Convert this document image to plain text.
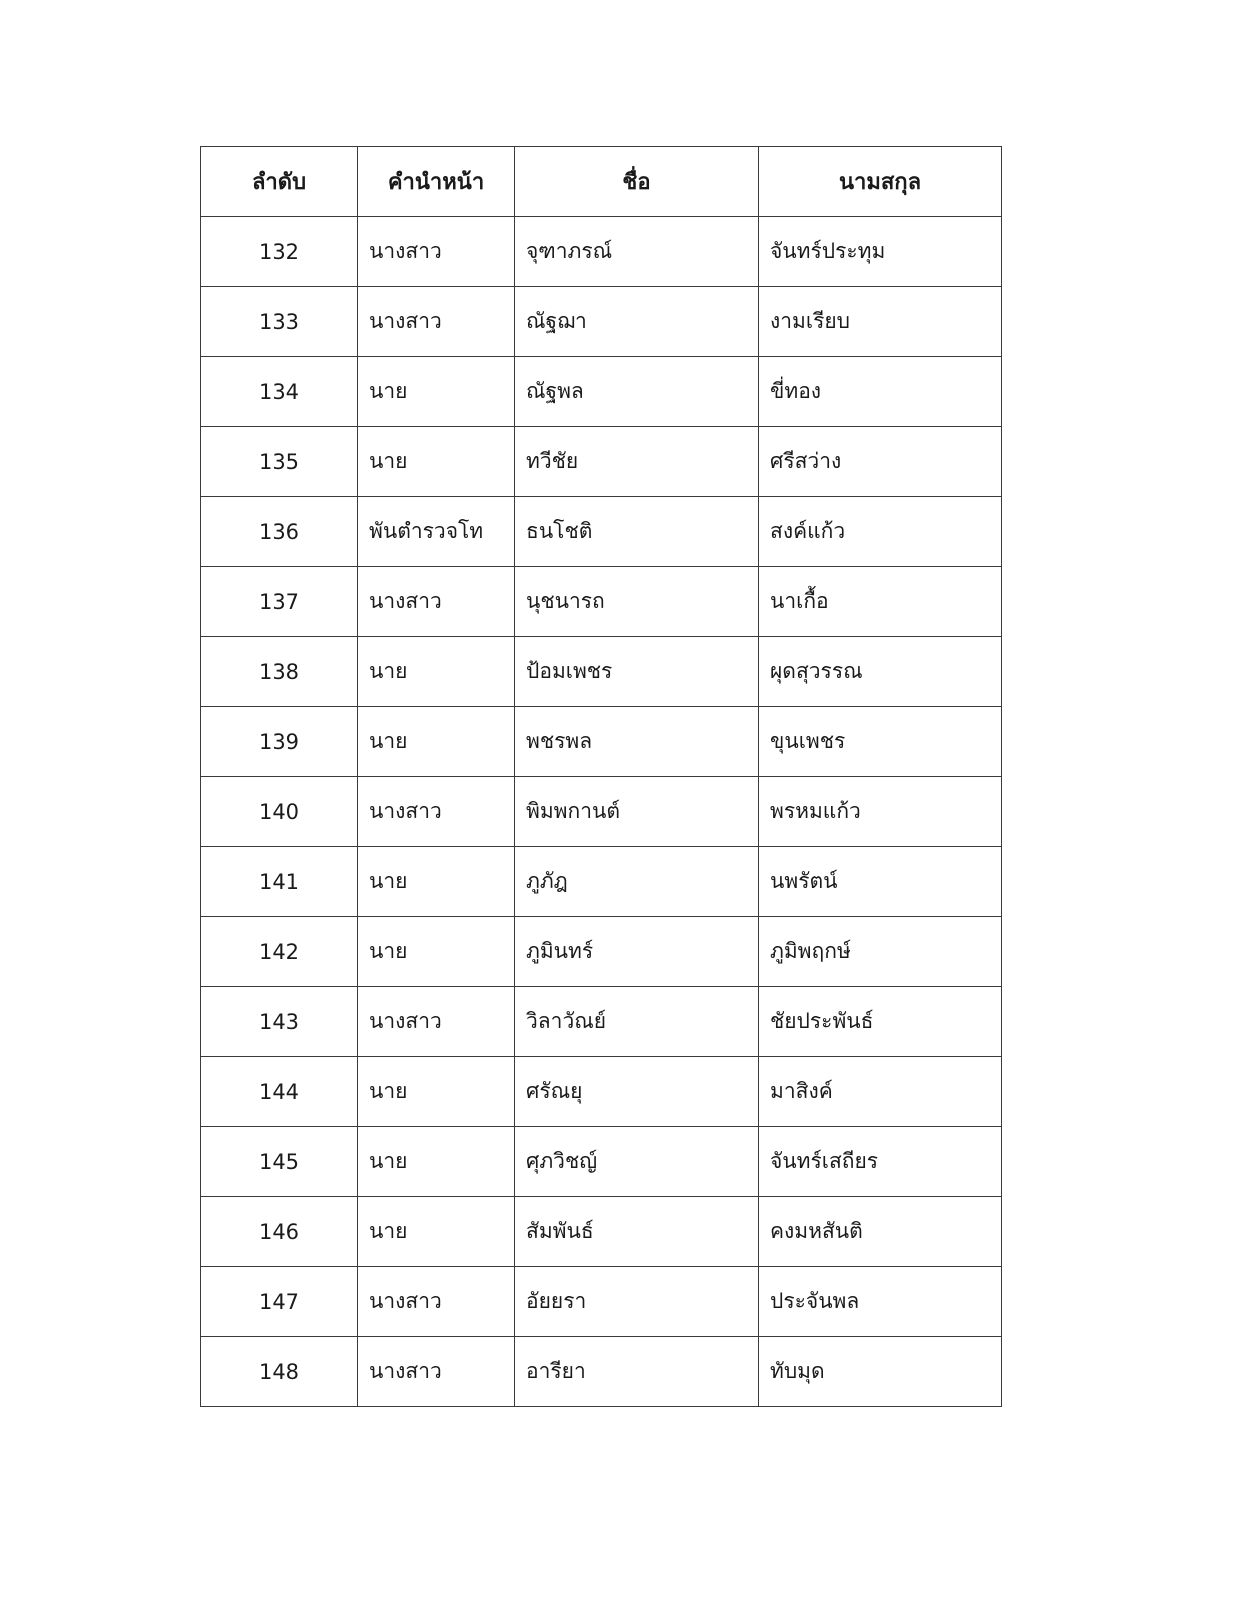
ลำดับ	คำนำหน้า	ชื่อ	นามสกุล
132	นางสาว	จุฑาภรณ์	จันทร์ประทุม
133	นางสาว	ณัฐฌา	งามเรียบ
134	นาย	ณัฐพล	ขี่ทอง
135	นาย	ทวีชัย	ศรีสว่าง
136	พันตำรวจโท	ธนโชติ	สงค์แก้ว
137	นางสาว	นุชนารถ	นาเกื้อ
138	นาย	ป้อมเพชร	ผุดสุวรรณ
139	นาย	พชรพล	ขุนเพชร
140	นางสาว	พิมพกานต์	พรหมแก้ว
141	นาย	ภูภัฎ	นพรัตน์
142	นาย	ภูมินทร์	ภูมิพฤกษ์
143	นางสาว	วิลาวัณย์	ชัยประพันธ์
144	นาย	ศรัณยุ	มาสิงค์
145	นาย	ศุภวิชญ์	จันทร์เสถียร
146	นาย	สัมพันธ์	คงมหสันติ
147	นางสาว	อัยยรา	ประจันพล
148	นางสาว	อารียา	ทับมุด
